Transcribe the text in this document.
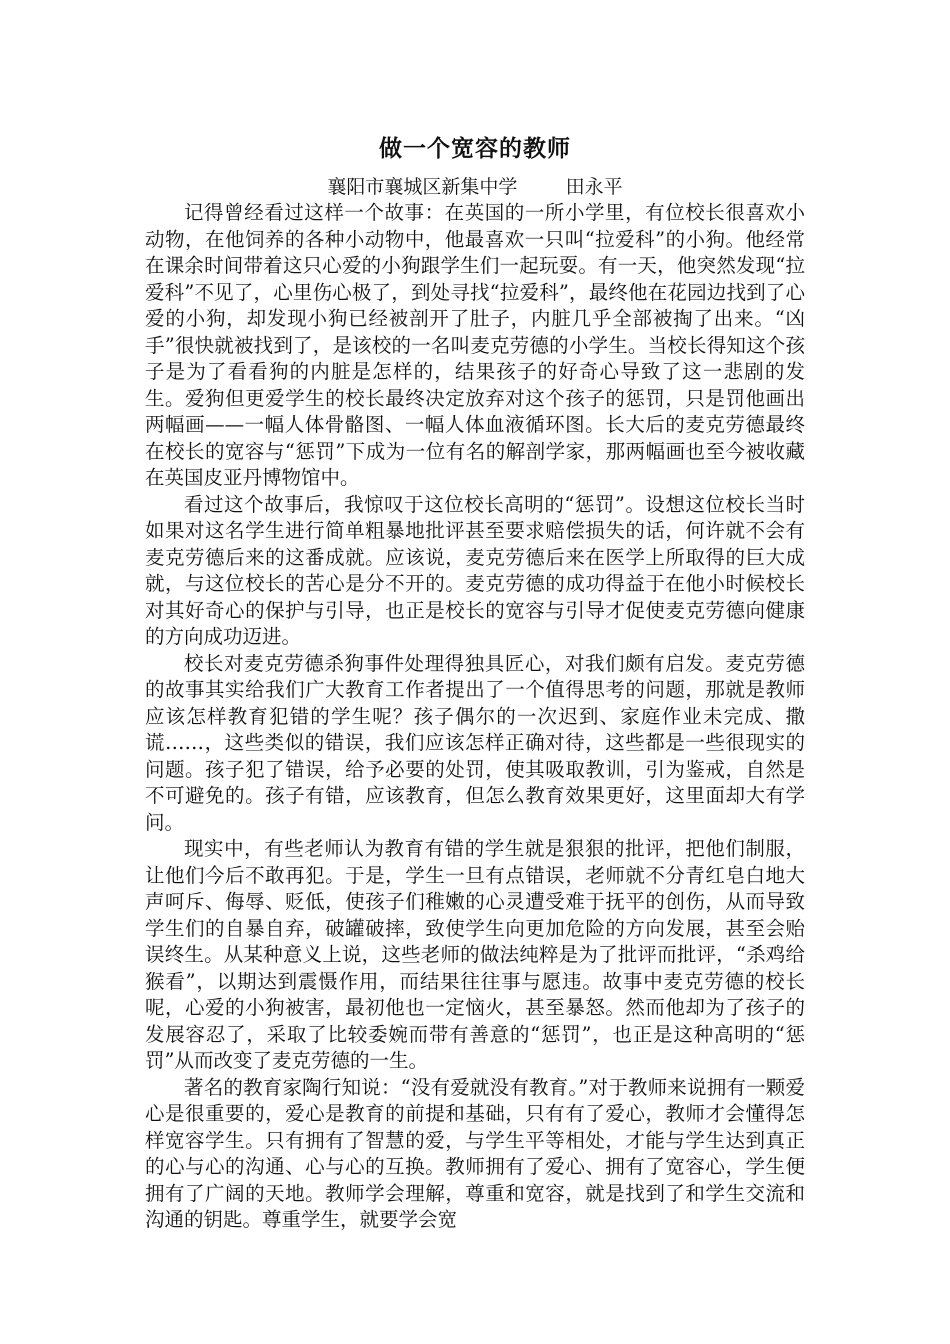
做一个宽容的教师
襄阳市襄城区新集中学        田永平

记得曾经看过这样一个故事：在英国的一所小学里，有位校长很喜欢小动物，在他饲养的各种小动物中，他最喜欢一只叫“拉爱科”的小狗。他经常在课余时间带着这只心爱的小狗跟学生们一起玩耍。有一天，他突然发现“拉爱科”不见了，心里伤心极了，到处寻找“拉爱科”，最终他在花园边找到了心爱的小狗，却发现小狗已经被剖开了肚子，内脏几乎全部被掏了出来。“凶手”很快就被找到了，是该校的一名叫麦克劳德的小学生。当校长得知这个孩子是为了看看狗的内脏是怎样的，结果孩子的好奇心导致了这一悲剧的发生。爱狗但更爱学生的校长最终决定放弃对这个孩子的惩罚，只是罚他画出两幅画——一幅人体骨骼图、一幅人体血液循环图。长大后的麦克劳德最终在校长的宽容与“惩罚”下成为一位有名的解剖学家，那两幅画也至今被收藏在英国皮亚丹博物馆中。

看过这个故事后，我惊叹于这位校长高明的“惩罚”。设想这位校长当时如果对这名学生进行简单粗暴地批评甚至要求赔偿损失的话，何许就不会有麦克劳德后来的这番成就。应该说，麦克劳德后来在医学上所取得的巨大成就，与这位校长的苦心是分不开的。麦克劳德的成功得益于在他小时候校长对其好奇心的保护与引导，也正是校长的宽容与引导才促使麦克劳德向健康的方向成功迈进。

校长对麦克劳德杀狗事件处理得独具匠心，对我们颇有启发。麦克劳德的故事其实给我们广大教育工作者提出了一个值得思考的问题，那就是教师应该怎样教育犯错的学生呢？孩子偶尔的一次迟到、家庭作业未完成、撒谎……，这些类似的错误，我们应该怎样正确对待，这些都是一些很现实的问题。孩子犯了错误，给予必要的处罚，使其吸取教训，引为鉴戒，自然是不可避免的。孩子有错，应该教育，但怎么教育效果更好，这里面却大有学问。

现实中，有些老师认为教育有错的学生就是狠狠的批评，把他们制服，让他们今后不敢再犯。于是，学生一旦有点错误，老师就不分青红皂白地大声呵斥、侮辱、贬低，使孩子们稚嫩的心灵遭受难于抚平的创伤，从而导致学生们的自暴自弃，破罐破摔，致使学生向更加危险的方向发展，甚至会贻误终生。从某种意义上说，这些老师的做法纯粹是为了批评而批评，“杀鸡给猴看”，以期达到震慑作用，而结果往往事与愿违。故事中麦克劳德的校长呢，心爱的小狗被害，最初他也一定恼火，甚至暴怒。然而他却为了孩子的发展容忍了，采取了比较委婉而带有善意的“惩罚”，也正是这种高明的“惩罚”从而改变了麦克劳德的一生。

著名的教育家陶行知说：“没有爱就没有教育。”对于教师来说拥有一颗爱心是很重要的，爱心是教育的前提和基础，只有有了爱心，教师才会懂得怎样宽容学生。只有拥有了智慧的爱，与学生平等相处，才能与学生达到真正的心与心的沟通、心与心的互换。教师拥有了爱心、拥有了宽容心，学生便拥有了广阔的天地。教师学会理解，尊重和宽容，就是找到了和学生交流和沟通的钥匙。尊重学生，就要学会宽
